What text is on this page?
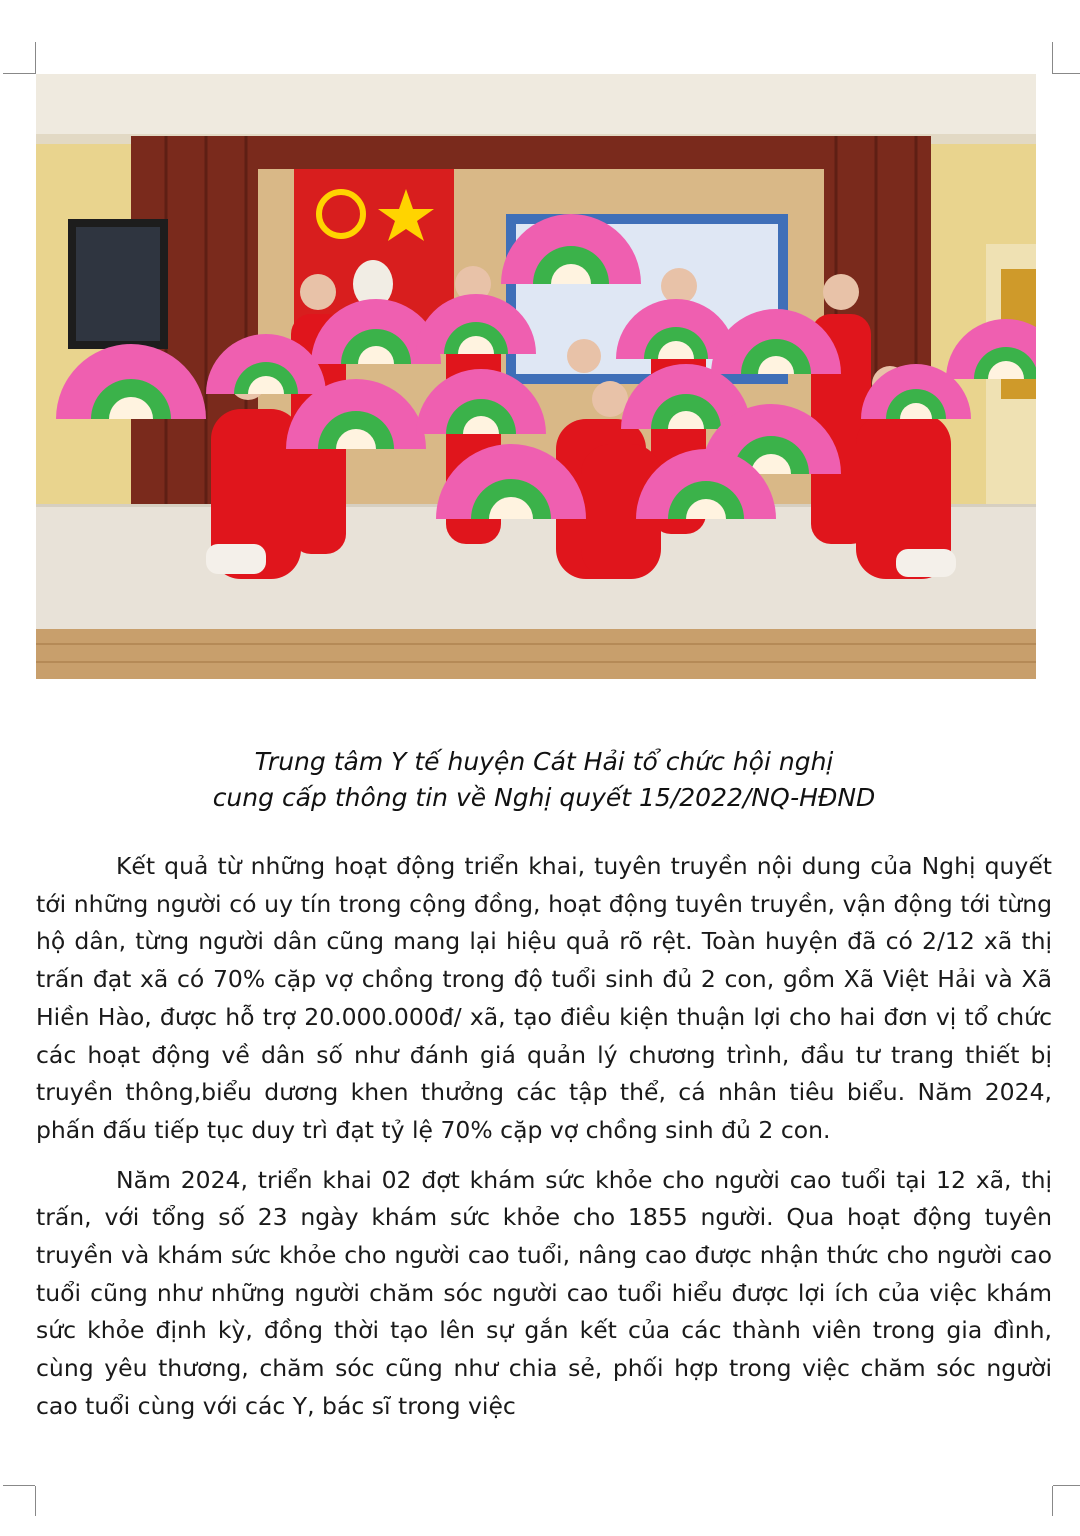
Trung tâm Y tế huyện Cát Hải tổ chức hội nghị
cung cấp thông tin về Nghị quyết 15/2022/NQ-HĐND

Kết quả từ những hoạt động triển khai, tuyên truyền nội dung của Nghị quyết tới những người có uy tín trong cộng đồng, hoạt động tuyên truyền, vận động tới từng hộ dân, từng người dân cũng mang lại hiệu quả rõ rệt. Toàn huyện đã có 2/12 xã thị trấn đạt xã có 70% cặp vợ chồng trong độ tuổi sinh đủ 2 con, gồm Xã Việt Hải và Xã Hiền Hào, được hỗ trợ 20.000.000đ/ xã, tạo điều kiện thuận lợi cho hai đơn vị tổ chức các hoạt động về dân số như đánh giá quản lý chương trình, đầu tư trang thiết bị truyền thông,biểu dương khen thưởng các tập thể, cá nhân tiêu biểu. Năm 2024, phấn đấu tiếp tục duy trì đạt tỷ lệ 70% cặp vợ chồng sinh đủ 2 con.

Năm 2024, triển khai 02 đợt khám sức khỏe cho người cao tuổi tại 12 xã, thị trấn, với tổng số 23 ngày khám sức khỏe cho 1855 người. Qua hoạt động tuyên truyền và khám sức khỏe cho người cao tuổi, nâng cao được nhận thức cho người cao tuổi cũng như những người chăm sóc người cao tuổi hiểu được lợi ích của việc khám sức khỏe định kỳ, đồng thời tạo lên sự gắn kết của các thành viên trong gia đình, cùng yêu thương, chăm sóc cũng như chia sẻ, phối hợp trong việc chăm sóc người cao tuổi cùng với các Y, bác sĩ trong việc
